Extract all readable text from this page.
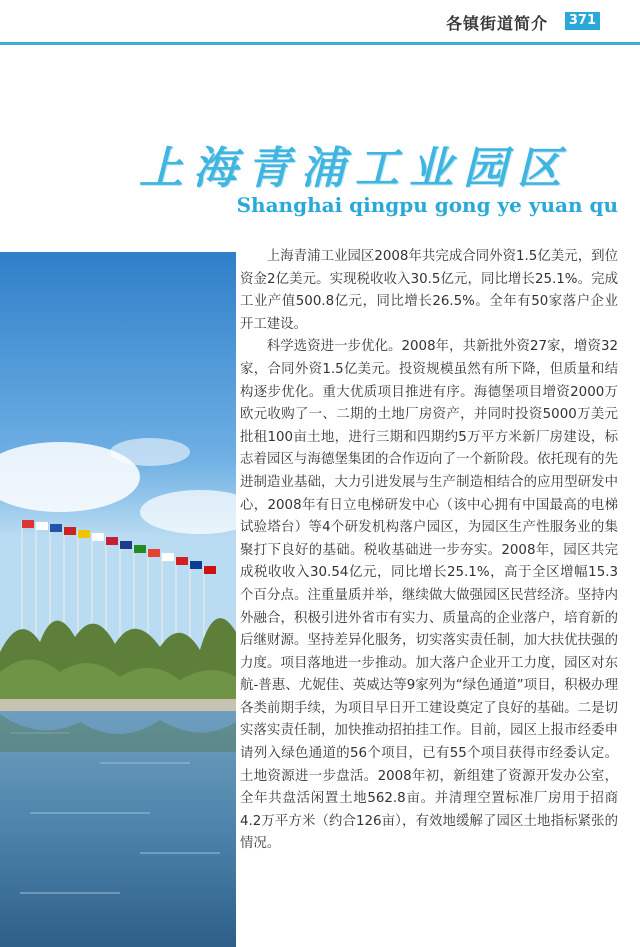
各镇街道简介	371
上海青浦工业园区
Shanghai qingpu gong ye yuan qu

上海青浦工业园区2008年共完成合同外资1.5亿美元，到位资金2亿美元。实现税收收入30.5亿元，同比增长25.1%。完成工业产值500.8亿元，同比增长26.5%。全年有50家落户企业开工建设。

科学选资进一步优化。2008年，共新批外资27家，增资32家，合同外资1.5亿美元。投资规模虽然有所下降，但质量和结构逐步优化。重大优质项目推进有序。海德堡项目增资2000万欧元收购了一、二期的土地厂房资产，并同时投资5000万美元批租100亩土地，进行三期和四期约5万平方米新厂房建设，标志着园区与海德堡集团的合作迈向了一个新阶段。依托现有的先进制造业基础，大力引进发展与生产制造相结合的应用型研发中心，2008年有日立电梯研发中心（该中心拥有中国最高的电梯试验塔台）等4个研发机构落户园区，为园区生产性服务业的集聚打下良好的基础。税收基础进一步夯实。2008年，园区共完成税收收入30.54亿元，同比增长25.1%，高于全区增幅15.3个百分点。注重量质并举，继续做大做强园区民营经济。坚持内外融合，积极引进外省市有实力、质量高的企业落户，培育新的后继财源。坚持差异化服务，切实落实责任制，加大扶优扶强的力度。项目落地进一步推动。加大落户企业开工力度，园区对东航-普惠、尤妮佳、英威达等9家列为“绿色通道”项目，积极办理各类前期手续，为项目早日开工建设奠定了良好的基础。二是切实落实责任制，加快推动招拍挂工作。目前，园区上报市经委申请列入绿色通道的56个项目，已有55个项目获得市经委认定。土地资源进一步盘活。2008年初，新组建了资源开发办公室，全年共盘活闲置土地562.8亩。并清理空置标准厂房用于招商4.2万平方米（约合126亩），有效地缓解了园区土地指标紧张的情况。
